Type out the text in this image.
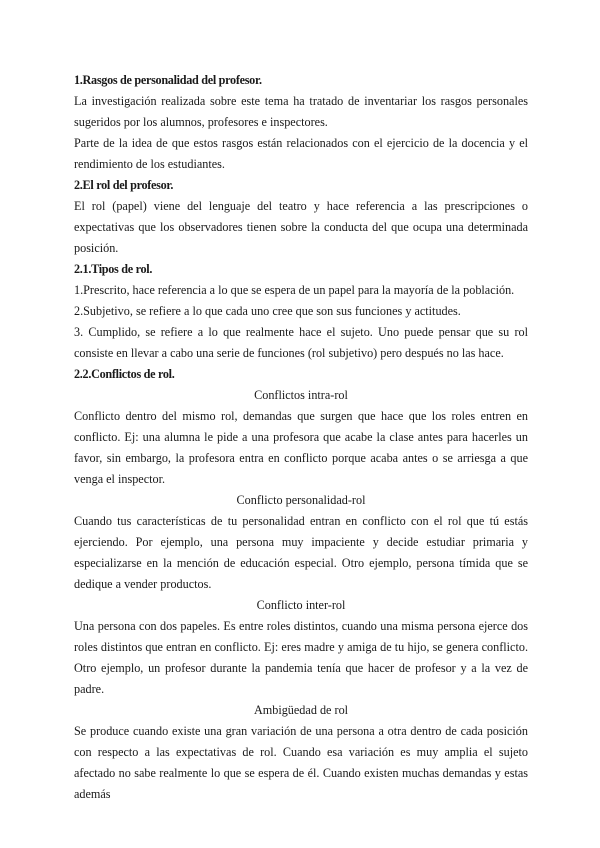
1.Rasgos de personalidad del profesor.

La investigación realizada sobre este tema ha tratado de inventariar los rasgos personales sugeridos por los alumnos, profesores e inspectores.

Parte de la idea de que estos rasgos están relacionados con el ejercicio de la docencia y el rendimiento de los estudiantes.

2.El rol del profesor.

El rol (papel) viene del lenguaje del teatro y hace referencia a las prescripciones o expectativas que los observadores tienen sobre la conducta del que ocupa una determinada posición.

2.1.Tipos de rol.

1.Prescrito, hace referencia a lo que se espera de un papel para la mayoría de la población.

2.Subjetivo, se refiere a lo que cada uno cree que son sus funciones y actitudes.

3. Cumplido, se refiere a lo que realmente hace el sujeto. Uno puede pensar que su rol consiste en llevar a cabo una serie de funciones (rol subjetivo) pero después no las hace.

2.2.Conflictos de rol.

Conflictos intra-rol

Conflicto dentro del mismo rol, demandas que surgen que hace que los roles entren en conflicto. Ej: una alumna le pide a una profesora que acabe la clase antes para hacerles un favor, sin embargo, la profesora entra en conflicto porque acaba antes o se arriesga a que venga el inspector.

Conflicto personalidad-rol

Cuando tus características de tu personalidad entran en conflicto con el rol que tú estás ejerciendo. Por ejemplo, una persona muy impaciente y decide estudiar primaria y especializarse en la mención de educación especial. Otro ejemplo, persona tímida que se dedique a vender productos.

Conflicto inter-rol

Una persona con dos papeles. Es entre roles distintos, cuando una misma persona ejerce dos roles distintos que entran en conflicto. Ej: eres madre y amiga de tu hijo, se genera conflicto. Otro ejemplo, un profesor durante la pandemia tenía que hacer de profesor y a la vez de padre.

Ambigüedad de rol

Se produce cuando existe una gran variación de una persona a otra dentro de cada posición con respecto a las expectativas de rol. Cuando esa variación es muy amplia el sujeto afectado no sabe realmente lo que se espera de él. Cuando existen muchas demandas y estas además
